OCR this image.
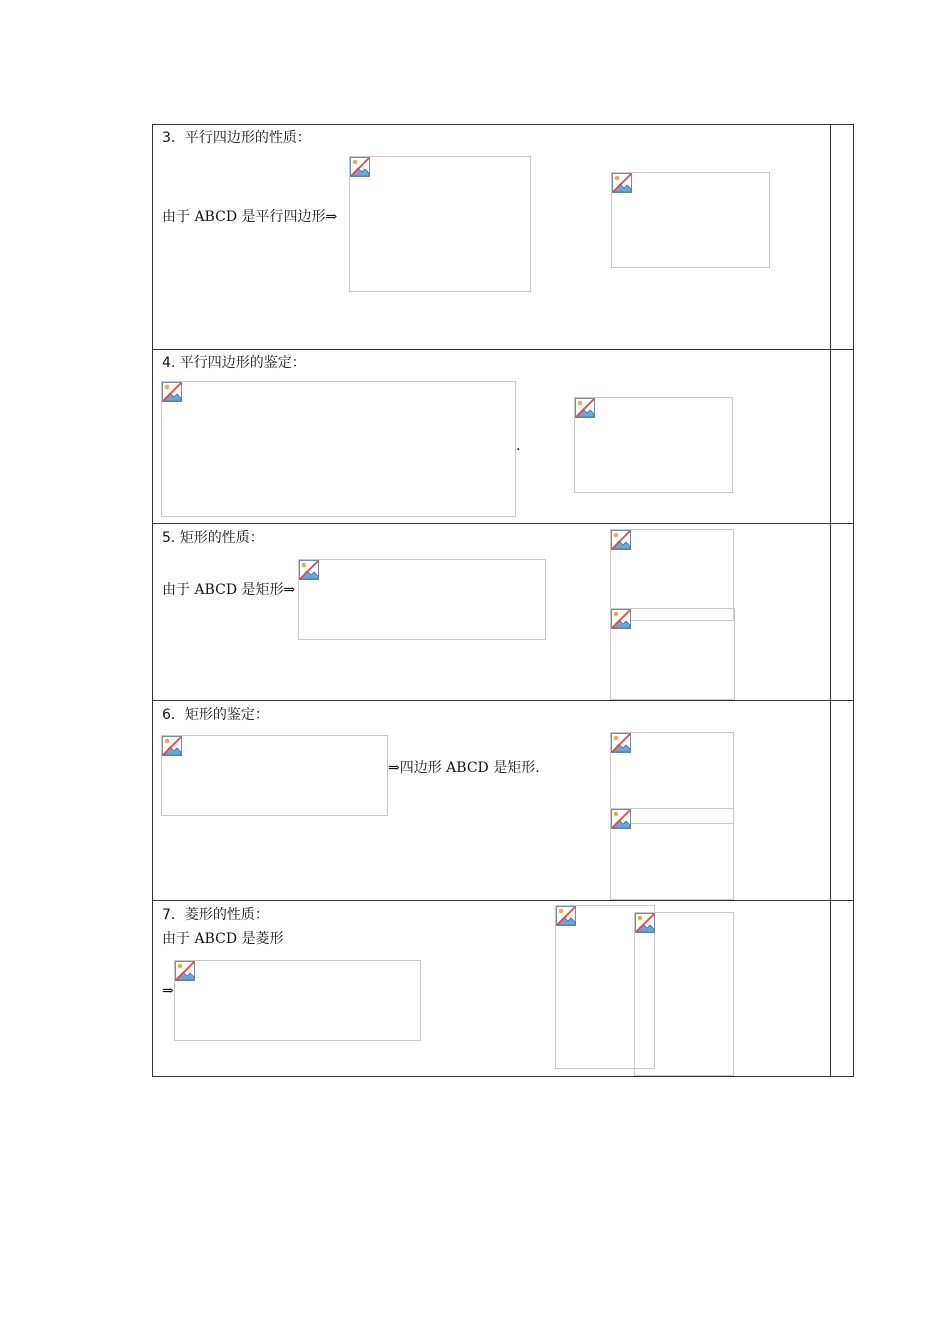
3．平行四边形的性质：
由于 ABCD 是平行四边形⇒
4. 平行四边形的鉴定：
.
5. 矩形的性质：
由于 ABCD 是矩形⇒
6．矩形的鉴定：
⇒四边形 ABCD 是矩形.
7．菱形的性质：
由于 ABCD 是菱形
⇒
